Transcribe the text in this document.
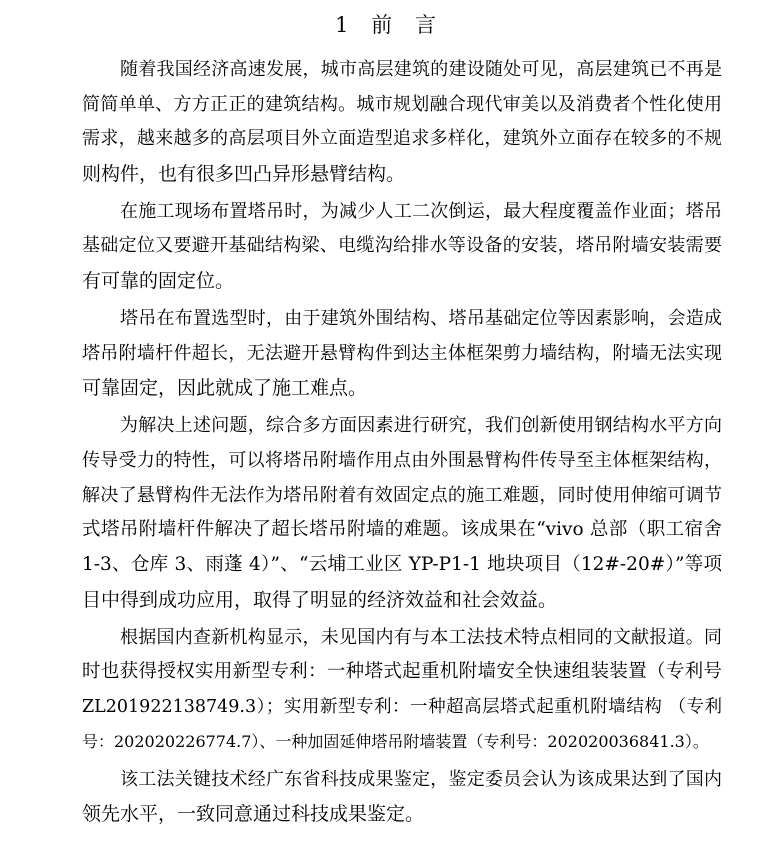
1 前 言
随着我国经济高速发展，城市高层建筑的建设随处可见，高层建筑已不再是
简简单单、方方正正的建筑结构。城市规划融合现代审美以及消费者个性化使用
需求，越来越多的高层项目外立面造型追求多样化，建筑外立面存在较多的不规
则构件，也有很多凹凸异形悬臂结构。
在施工现场布置塔吊时，为减少人工二次倒运，最大程度覆盖作业面；塔吊
基础定位又要避开基础结构梁、电缆沟给排水等设备的安装，塔吊附墙安装需要
有可靠的固定位。
塔吊在布置选型时，由于建筑外围结构、塔吊基础定位等因素影响，会造成
塔吊附墙杆件超长，无法避开悬臂构件到达主体框架剪力墙结构，附墙无法实现
可靠固定，因此就成了施工难点。
为解决上述问题，综合多方面因素进行研究，我们创新使用钢结构水平方向
传导受力的特性，可以将塔吊附墙作用点由外围悬臂构件传导至主体框架结构，
解决了悬臂构件无法作为塔吊附着有效固定点的施工难题，同时使用伸缩可调节
式塔吊附墙杆件解决了超长塔吊附墙的难题。该成果在“vivo 总部（职工宿舍
1-3、仓库 3、雨蓬 4）”、“云埔工业区 YP-P1-1 地块项目（12#-20#）”等项
目中得到成功应用，取得了明显的经济效益和社会效益。
根据国内查新机构显示，未见国内有与本工法技术特点相同的文献报道。同
时也获得授权实用新型专利：一种塔式起重机附墙安全快速组装装置（专利号
ZL201922138749.3）；实用新型专利：一种超高层塔式起重机附墙结构 （专利
号：202020226774.7）、一种加固延伸塔吊附墙装置（专利号：202020036841.3）。
该工法关键技术经广东省科技成果鉴定，鉴定委员会认为该成果达到了国内
领先水平，一致同意通过科技成果鉴定。
